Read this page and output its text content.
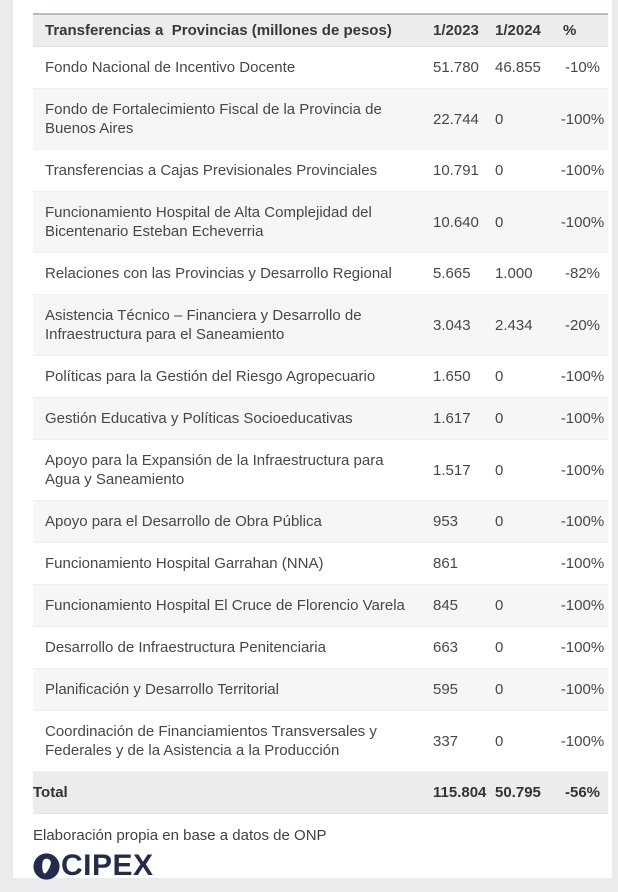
Transferencias a  Provincias (millones de pesos)	1/2023	1/2024	%
Fondo Nacional de Incentivo Docente	51.780	46.855	-10%
Fondo de Fortalecimiento Fiscal de la Provincia de Buenos Aires	22.744	0	-100%
Transferencias a Cajas Previsionales Provinciales	10.791	0	-100%
Funcionamiento Hospital de Alta Complejidad del Bicentenario Esteban Echeverria	10.640	0	-100%
Relaciones con las Provincias y Desarrollo Regional	5.665	1.000	-82%
Asistencia Técnico – Financiera y Desarrollo de Infraestructura para el Saneamiento	3.043	2.434	-20%
Políticas para la Gestión del Riesgo Agropecuario	1.650	0	-100%
Gestión Educativa y Políticas Socioeducativas	1.617	0	-100%
Apoyo para la Expansión de la Infraestructura para Agua y Saneamiento	1.517	0	-100%
Apoyo para el Desarrollo de Obra Pública	953	0	-100%
Funcionamiento Hospital Garrahan (NNA)	861		-100%
Funcionamiento Hospital El Cruce de Florencio Varela	845	0	-100%
Desarrollo de Infraestructura Penitenciaria	663	0	-100%
Planificación y Desarrollo Territorial	595	0	-100%
Coordinación de Financiamientos Transversales y Federales y de la Asistencia a la Producción	337	0	-100%
Total	115.804	50.795	-56%
Elaboración propia en base a datos de ONP
CIPEX
